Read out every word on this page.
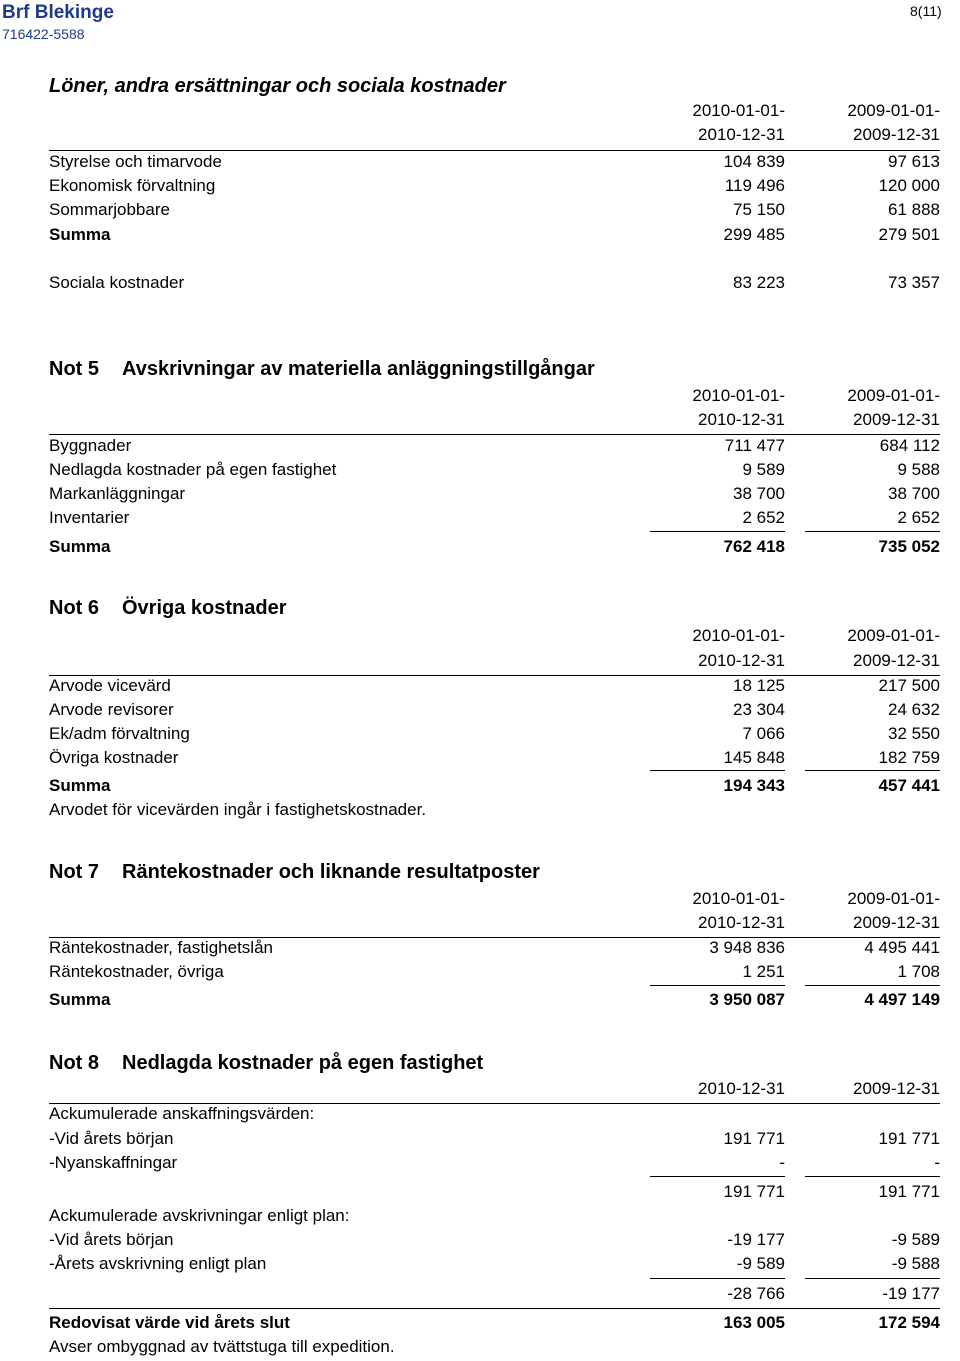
Brf Blekinge
716422-5588
8(11)
Löner, andra ersättningar och sociala kostnader
2010-01-01-	2009-01-01-
2010-12-31	2009-12-31
Styrelse och timarvode	104 839	97 613
Ekonomisk förvaltning	119 496	120 000
Sommarjobbare	75 150	61 888
Summa	299 485	279 501
Sociala kostnader	83 223	73 357
Not 5 Avskrivningar av materiella anläggningstillgångar
2010-01-01-	2009-01-01-
2010-12-31	2009-12-31
Byggnader	711 477	684 112
Nedlagda kostnader på egen fastighet	9 589	9 588
Markanläggningar	38 700	38 700
Inventarier	2 652	2 652
Summa	762 418	735 052
Not 6 Övriga kostnader
2010-01-01-	2009-01-01-
2010-12-31	2009-12-31
Arvode vicevärd	18 125	217 500
Arvode revisorer	23 304	24 632
Ek/adm förvaltning	7 066	32 550
Övriga kostnader	145 848	182 759
Summa	194 343	457 441
Arvodet för vicevärden ingår i fastighetskostnader.
Not 7 Räntekostnader och liknande resultatposter
2010-01-01-	2009-01-01-
2010-12-31	2009-12-31
Räntekostnader, fastighetslån	3 948 836	4 495 441
Räntekostnader, övriga	1 251	1 708
Summa	3 950 087	4 497 149
Not 8 Nedlagda kostnader på egen fastighet
2010-12-31	2009-12-31
Ackumulerade anskaffningsvärden:
-Vid årets början	191 771	191 771
-Nyanskaffningar	-	-
191 771	191 771
Ackumulerade avskrivningar enligt plan:
-Vid årets början	-19 177	-9 589
-Årets avskrivning enligt plan	-9 589	-9 588
-28 766	-19 177
Redovisat värde vid årets slut	163 005	172 594
Avser ombyggnad av tvättstuga till expedition.
